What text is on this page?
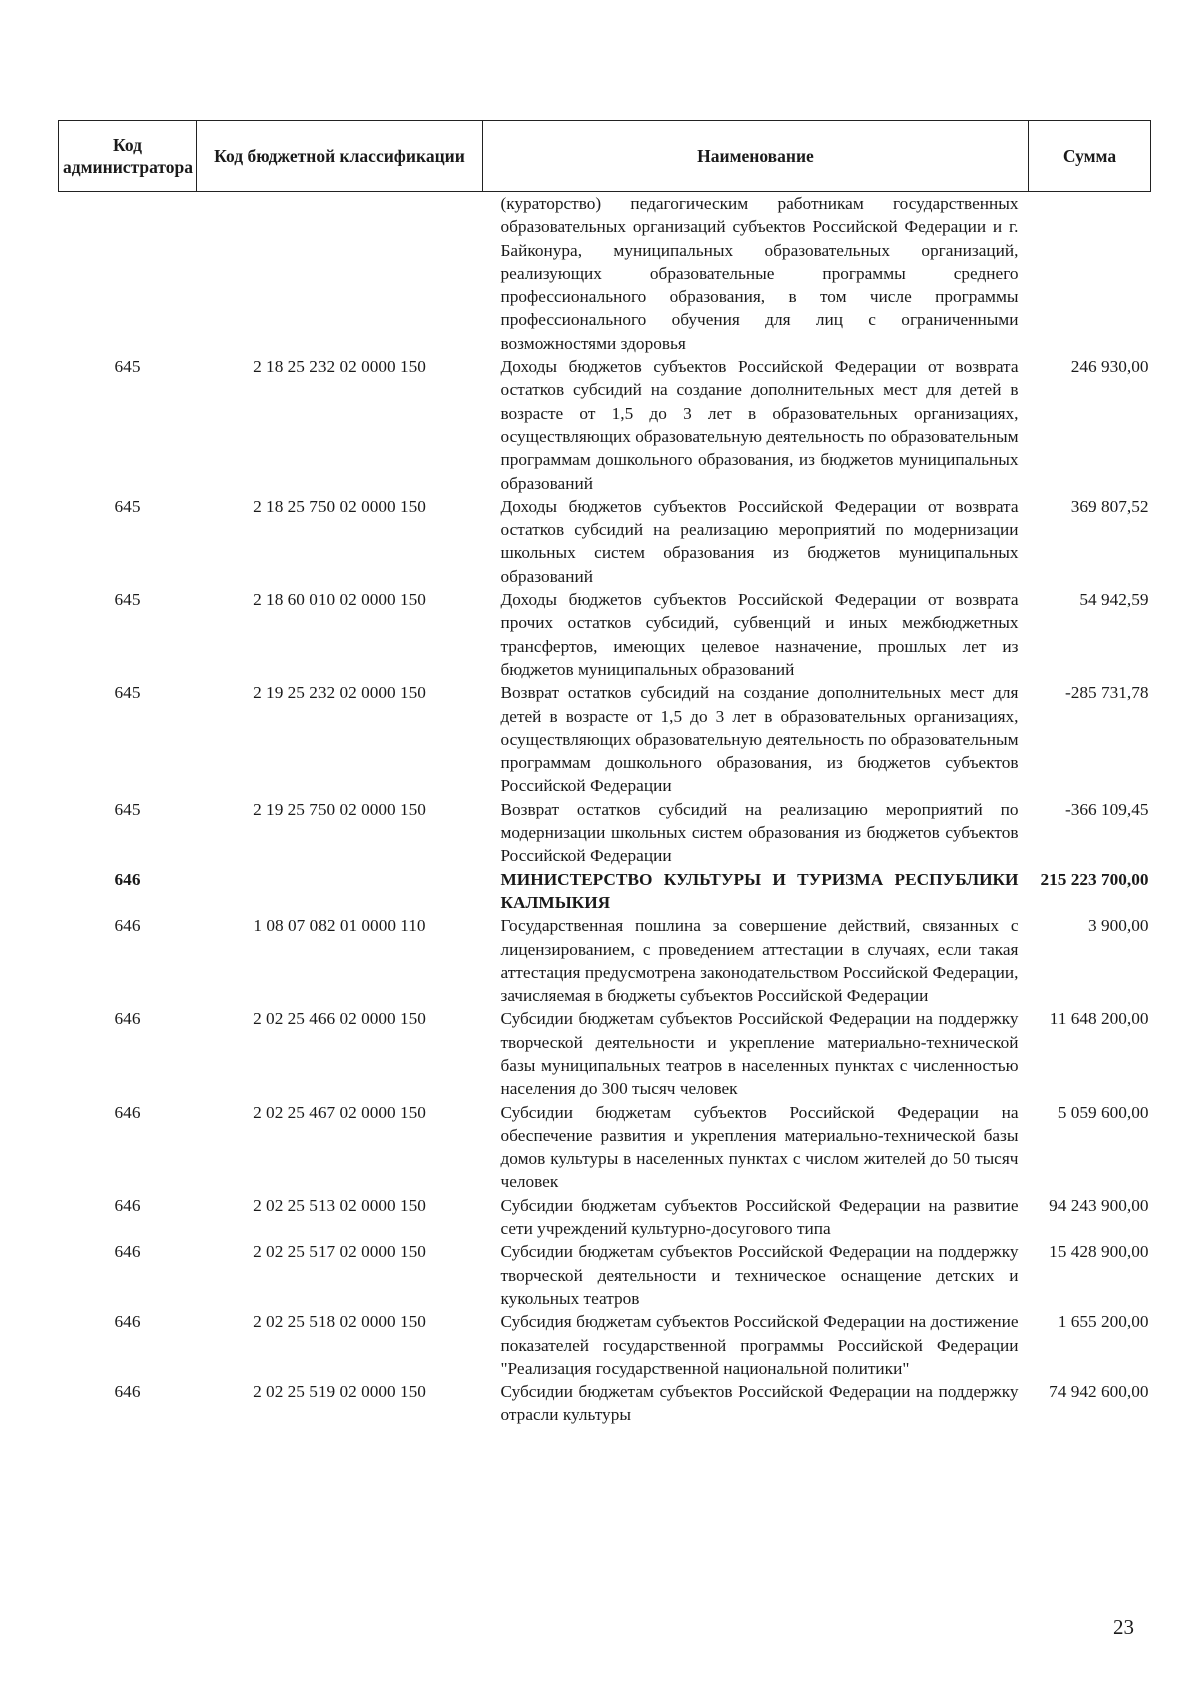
Код администратора	Код бюджетной классификации	Наименование	Сумма
		(кураторство) педагогическим работникам государственных образовательных организаций субъектов Российской Федерации и г. Байконура, муниципальных образовательных организаций, реализующих образовательные программы среднего профессионального образования, в том числе программы профессионального обучения для лиц с ограниченными возможностями здоровья	
645	2 18 25 232 02 0000 150	Доходы бюджетов субъектов Российской Федерации от возврата остатков субсидий на создание дополнительных мест для детей в возрасте от 1,5 до 3 лет в образовательных организациях, осуществляющих образовательную деятельность по образовательным программам дошкольного образования, из бюджетов муниципальных образований	246 930,00
645	2 18 25 750 02 0000 150	Доходы бюджетов субъектов Российской Федерации от возврата остатков субсидий на реализацию мероприятий по модернизации школьных систем образования из бюджетов муниципальных образований	369 807,52
645	2 18 60 010 02 0000 150	Доходы бюджетов субъектов Российской Федерации от возврата прочих остатков субсидий, субвенций и иных межбюджетных трансфертов, имеющих целевое назначение, прошлых лет из бюджетов муниципальных образований	54 942,59
645	2 19 25 232 02 0000 150	Возврат остатков субсидий на создание дополнительных мест для детей в возрасте от 1,5 до 3 лет в образовательных организациях, осуществляющих образовательную деятельность по образовательным программам дошкольного образования, из бюджетов субъектов Российской Федерации	-285 731,78
645	2 19 25 750 02 0000 150	Возврат остатков субсидий на реализацию мероприятий по модернизации школьных систем образования из бюджетов субъектов Российской Федерации	-366 109,45
646		МИНИСТЕРСТВО КУЛЬТУРЫ И ТУРИЗМА РЕСПУБЛИКИ КАЛМЫКИЯ	215 223 700,00
646	1 08 07 082 01 0000 110	Государственная пошлина за совершение действий, связанных с лицензированием, с проведением аттестации в случаях, если такая аттестация предусмотрена законодательством Российской Федерации, зачисляемая в бюджеты субъектов Российской Федерации	3 900,00
646	2 02 25 466 02 0000 150	Субсидии бюджетам субъектов Российской Федерации на поддержку творческой деятельности и укрепление материально-технической базы муниципальных театров в населенных пунктах с численностью населения до 300 тысяч человек	11 648 200,00
646	2 02 25 467 02 0000 150	Субсидии бюджетам субъектов Российской Федерации на обеспечение развития и укрепления материально-технической базы домов культуры в населенных пунктах с числом жителей до 50 тысяч человек	5 059 600,00
646	2 02 25 513 02 0000 150	Субсидии бюджетам субъектов Российской Федерации на развитие сети учреждений культурно-досугового типа	94 243 900,00
646	2 02 25 517 02 0000 150	Субсидии бюджетам субъектов Российской Федерации на поддержку творческой деятельности и техническое оснащение детских и кукольных театров	15 428 900,00
646	2 02 25 518 02 0000 150	Субсидия бюджетам субъектов Российской Федерации на достижение показателей государственной программы Российской Федерации "Реализация государственной национальной политики"	1 655 200,00
646	2 02 25 519 02 0000 150	Субсидии бюджетам субъектов Российской Федерации на поддержку отрасли культуры	74 942 600,00
23
